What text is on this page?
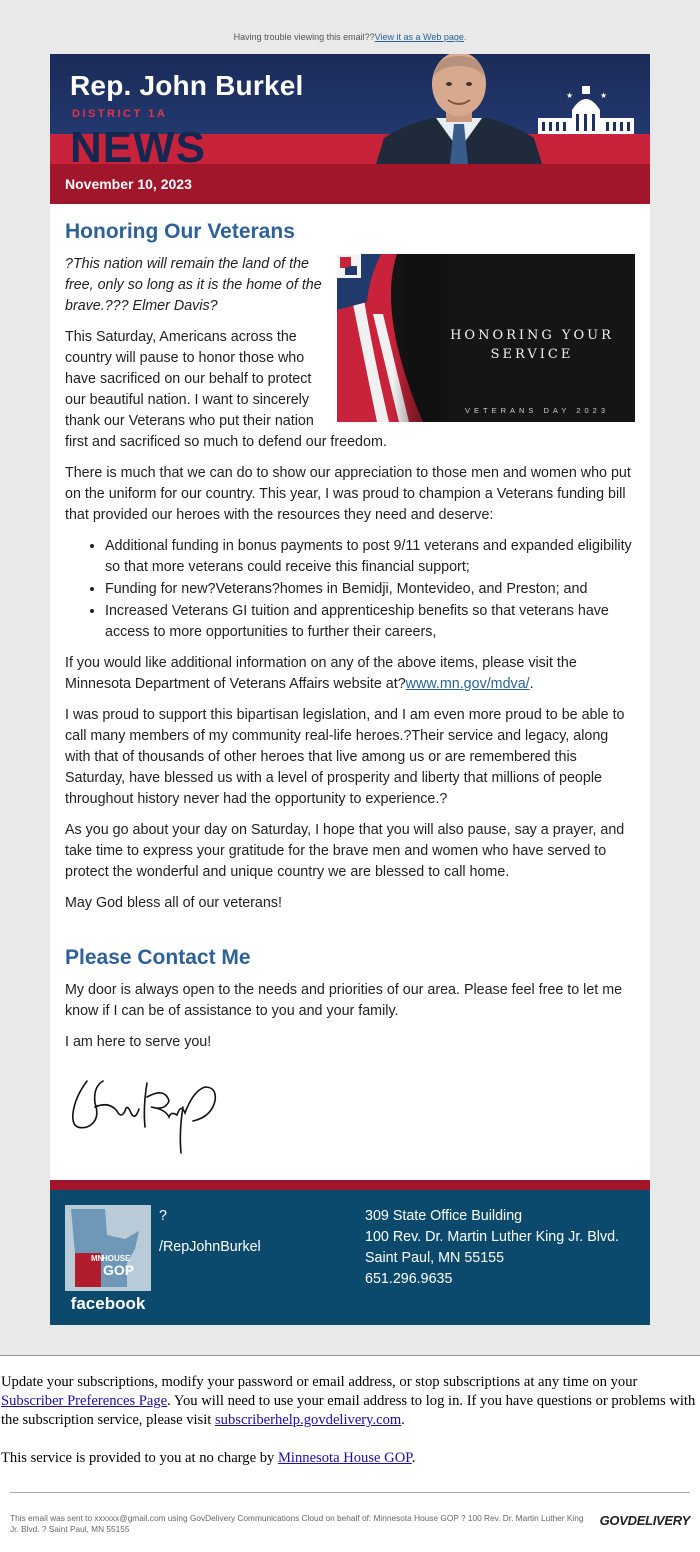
Having trouble viewing this email??View it as a Web page.
Rep. John Burkel
DISTRICT 1A
NEWS
November 10, 2023
★	★
Honoring Our Veterans
HONORING YOUR SERVICE
VETERANS DAY 2023

?This nation will remain the land of the free, only so long as it is the home of the brave.??? Elmer Davis?

This Saturday, Americans across the country will pause to honor those who have sacrificed on our behalf to protect our beautiful nation. I want to sincerely thank our Veterans who put their nation first and sacrificed so much to defend our freedom.

There is much that we can do to show our appreciation to those men and women who put on the uniform for our country. This year, I was proud to champion a Veterans funding bill that provided our heroes with the resources they need and deserve:

• Additional funding in bonus payments to post 9/11 veterans and expanded eligibility so that more veterans could receive this financial support;
• Funding for new?Veterans?homes in Bemidji, Montevideo, and Preston; and
• Increased Veterans GI tuition and apprenticeship benefits so that veterans have access to more opportunities to further their careers,

If you would like additional information on any of the above items, please visit the Minnesota Department of Veterans Affairs website at?www.mn.gov/mdva/.

I was proud to support this bipartisan legislation, and I am even more proud to be able to call many members of my community real-life heroes.?Their service and legacy, along with that of thousands of other heroes that live among us or are remembered this Saturday, have blessed us with a level of prosperity and liberty that millions of people throughout history never had the opportunity to experience.?

As you go about your day on Saturday, I hope that you will also pause, say a prayer, and take time to express your gratitude for the brave men and women who have served to protect the wonderful and unique country we are blessed to call home.

May God bless all of our veterans!

Please Contact Me

My door is always open to the needs and priorities of our area. Please feel free to let me know if I can be of assistance to you and your family.

I am here to serve you!

MN
HOUSE
GOP
facebook
?
/RepJohnBurkel
309 State Office Building
100 Rev. Dr. Martin Luther King Jr. Blvd.
Saint Paul, MN 55155
651.296.9635

Update your subscriptions, modify your password or email address, or stop subscriptions at any time on your Subscriber Preferences Page. You will need to use your email address to log in. If you have questions or problems with the subscription service, please visit subscriberhelp.govdelivery.com.

This service is provided to you at no charge by Minnesota House GOP.

This email was sent to xxxxxx@gmail.com using GovDelivery Communications Cloud on behalf of: Minnesota House GOP ? 100 Rev. Dr. Martin Luther King Jr. Blvd. ? Saint Paul, MN 55155
GOVDELIVERY
